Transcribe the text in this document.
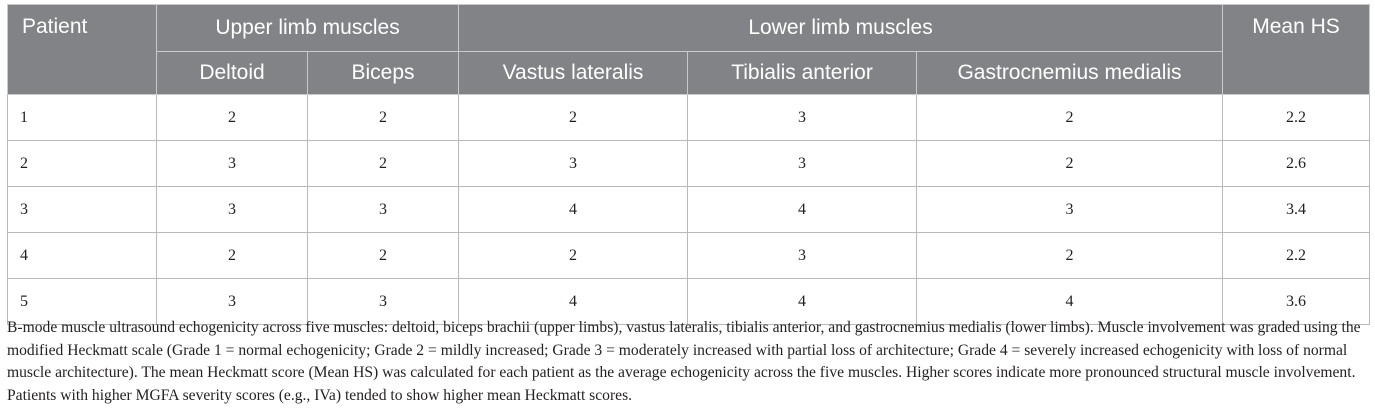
Patient	Upper limb muscles		Lower limb muscles			Mean HS
	Deltoid	Biceps	Vastus lateralis	Tibialis anterior	Gastrocnemius medialis	
1	2	2	2	3	2	2.2
2	3	2	3	3	2	2.6
3	3	3	4	4	3	3.4
4	2	2	2	3	2	2.2
5	3	3	4	4	4	3.6

B-mode muscle ultrasound echogenicity across five muscles: deltoid, biceps brachii (upper limbs), vastus lateralis, tibialis anterior, and gastrocnemius medialis (lower limbs). Muscle involvement was graded using the modified Heckmatt scale (Grade 1 = normal echogenicity; Grade 2 = mildly increased; Grade 3 = moderately increased with partial loss of architecture; Grade 4 = severely increased echogenicity with loss of normal muscle architecture). The mean Heckmatt score (Mean HS) was calculated for each patient as the average echogenicity across the five muscles. Higher scores indicate more pronounced structural muscle involvement. Patients with higher MGFA severity scores (e.g., IVa) tended to show higher mean Heckmatt scores.
